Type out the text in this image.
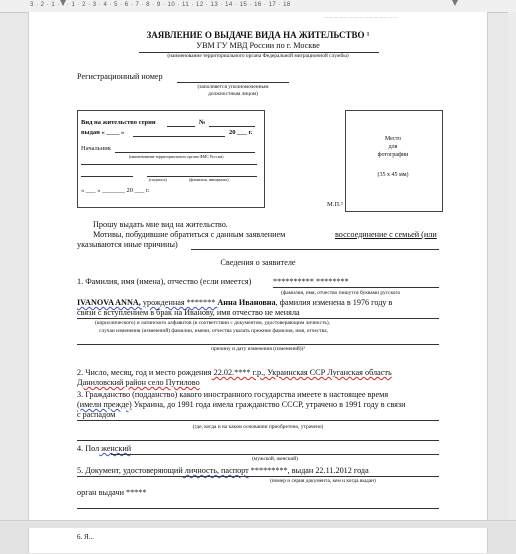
3 · 2 · 1 · ▪ · 1 · 2 · 3 · 4 · 5 · 6 · 7 · 8 · 9 · 10 · 11 · 12 · 13 · 14 · 15 · 16 · 17 · 18
— — — — — — — — — — — — — — —
ЗАЯВЛЕНИЕ О ВЫДАЧЕ ВИДА НА ЖИТЕЛЬСТВО ¹
УВМ ГУ МВД России по г. Москве
(наименование территориального органа Федеральной миграционной службы)
Регистрационный номер
(заполняется уполномоченным
должностным лицом)
Вид на жительство серии	№
выдан « ____ »	20 ___ г.
Начальник
(наименование территориального органа ФМС России)
(подпись)	(фамилия, инициалы)
« ___ » _______ 20 ___ г.
М.П.²
Место
для
фотографии
(35 х 45 мм)
Прошу выдать мне вид на жительство.
Мотивы, побудившие обратиться с данным заявлением	воссоединение с семьей (или
указываются иные причины)
Сведения о заявителе
1. Фамилия, имя (имена), отчество (если имеется)	********** ********
(фамилия, имя, отчество пишутся буквами русского
IVANOVA ANNA, урожденная ******* Анна Ивановна, фамилия изменена в 1976 году в
связи с вступлением в брак на Иванову, имя отчество не меняла
(кириллического) и латинского алфавитов (в соответствии с документом, удостоверяющим личность),
случаи изменения (изменений) фамилии, имени, отчества указать прежние фамилия, имя, отчества,
причину и дату изменения (изменений))³
2. Число, месяц, год и место рождения 22.02.**** г.р., Украинская ССР Луганская область
Даниловский район село Путилово
3. Гражданство (подданство) какого иностранного государства имеете в настоящее время
(имели прежде) Украина, до 1991 года имела гражданство СССР, утрачено в 1991 году в связи
с распадом
(где, когда и на каком основании приобретено, утрачено)
4. Пол женский
(мужской, женский)
5. Документ, удостоверяющий личность, паспорт *********, выдан 22.11.2012 года
(номер и серия документа, кем и когда выдан)
орган выдачи *****
6. Я...
